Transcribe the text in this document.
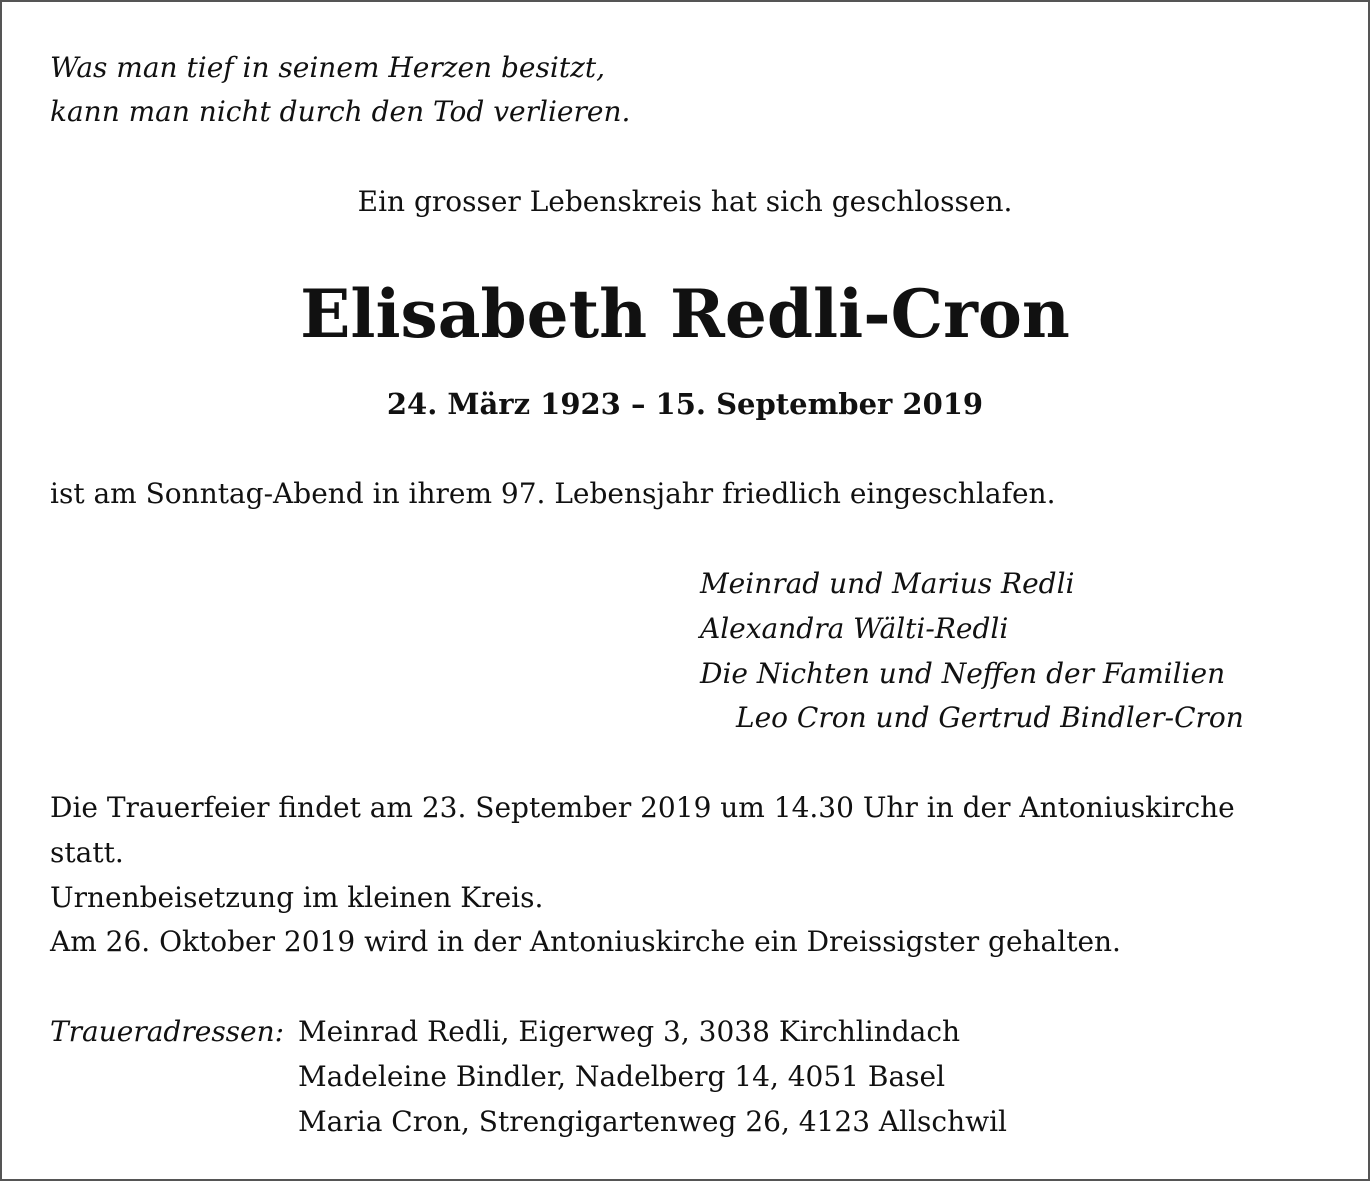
Was man tief in seinem Herzen besitzt,
kann man nicht durch den Tod verlieren.
Ein grosser Lebenskreis hat sich geschlossen.
Elisabeth Redli-Cron
24. März 1923 – 15. September 2019
ist am Sonntag-Abend in ihrem 97. Lebensjahr friedlich eingeschlafen.
Meinrad und Marius Redli
Alexandra Wälti-Redli
Die Nichten und Neffen der Familien
Leo Cron und Gertrud Bindler-Cron
Die Trauerfeier findet am 23. September 2019 um 14.30 Uhr in der Antoniuskirche
statt.
Urnenbeisetzung im kleinen Kreis.
Am 26. Oktober 2019 wird in der Antoniuskirche ein Dreissigster gehalten.
Traueradressen: Meinrad Redli, Eigerweg 3, 3038 Kirchlindach
Madeleine Bindler, Nadelberg 14, 4051 Basel
Maria Cron, Strengigartenweg 26, 4123 Allschwil
